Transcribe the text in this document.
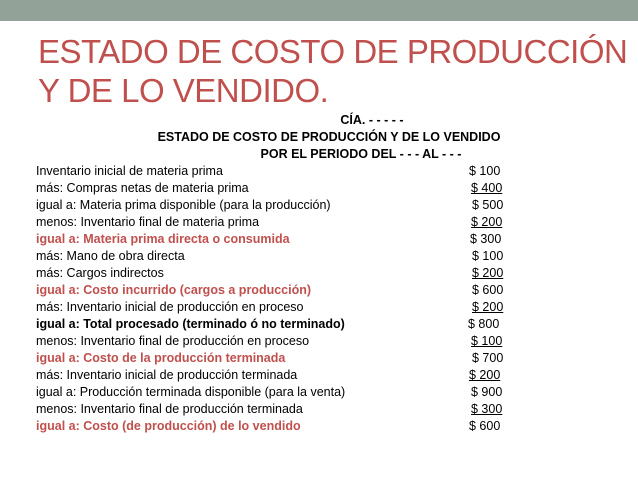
ESTADO DE COSTO DE PRODUCCIÓN
Y DE LO VENDIDO.
CÍA. - - - - -
ESTADO DE COSTO DE PRODUCCIÓN Y DE LO VENDIDO
POR EL PERIODO DEL - - - AL - - -
Inventario inicial de materia prima	$ 100
más: Compras netas de materia prima	$ 400
igual a: Materia prima disponible (para la producción)	$ 500
menos: Inventario final de materia prima	$ 200
igual a: Materia prima directa o consumida	$ 300
más: Mano de obra directa	$ 100
más: Cargos indirectos	$ 200
igual a: Costo incurrido (cargos a producción)	$ 600
más: Inventario inicial de producción en proceso	$ 200
igual a: Total procesado (terminado ó no terminado)	$ 800
menos: Inventario final de producción en proceso	$ 100
igual a: Costo de la producción terminada	$ 700
más: Inventario inicial de producción terminada	$ 200
igual a: Producción terminada disponible (para la venta)	$ 900
menos: Inventario final de producción terminada	$ 300
igual a: Costo (de producción) de lo vendido	$ 600
